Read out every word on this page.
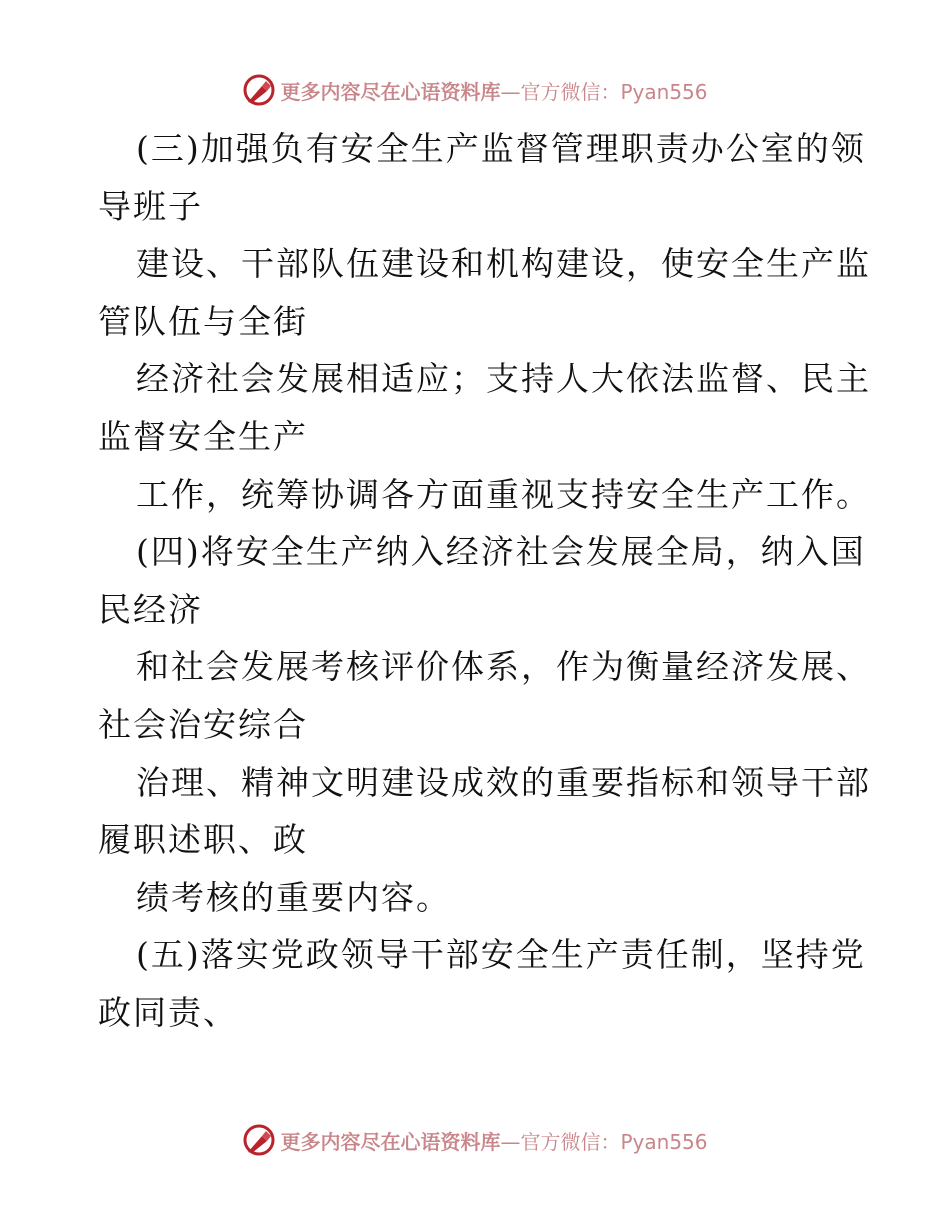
更多内容尽在心语资料库—官方微信：Pyan556
(三)加强负有安全生产监督管理职责办公室的领
导班子
建设、干部队伍建设和机构建设，使安全生产监
管队伍与全街
经济社会发展相适应；支持人大依法监督、民主
监督安全生产
工作，统筹协调各方面重视支持安全生产工作。
(四)将安全生产纳入经济社会发展全局，纳入国
民经济
和社会发展考核评价体系，作为衡量经济发展、
社会治安综合
治理、精神文明建设成效的重要指标和领导干部
履职述职、政
绩考核的重要内容。
(五)落实党政领导干部安全生产责任制，坚持党
政同责、
更多内容尽在心语资料库—官方微信：Pyan556
